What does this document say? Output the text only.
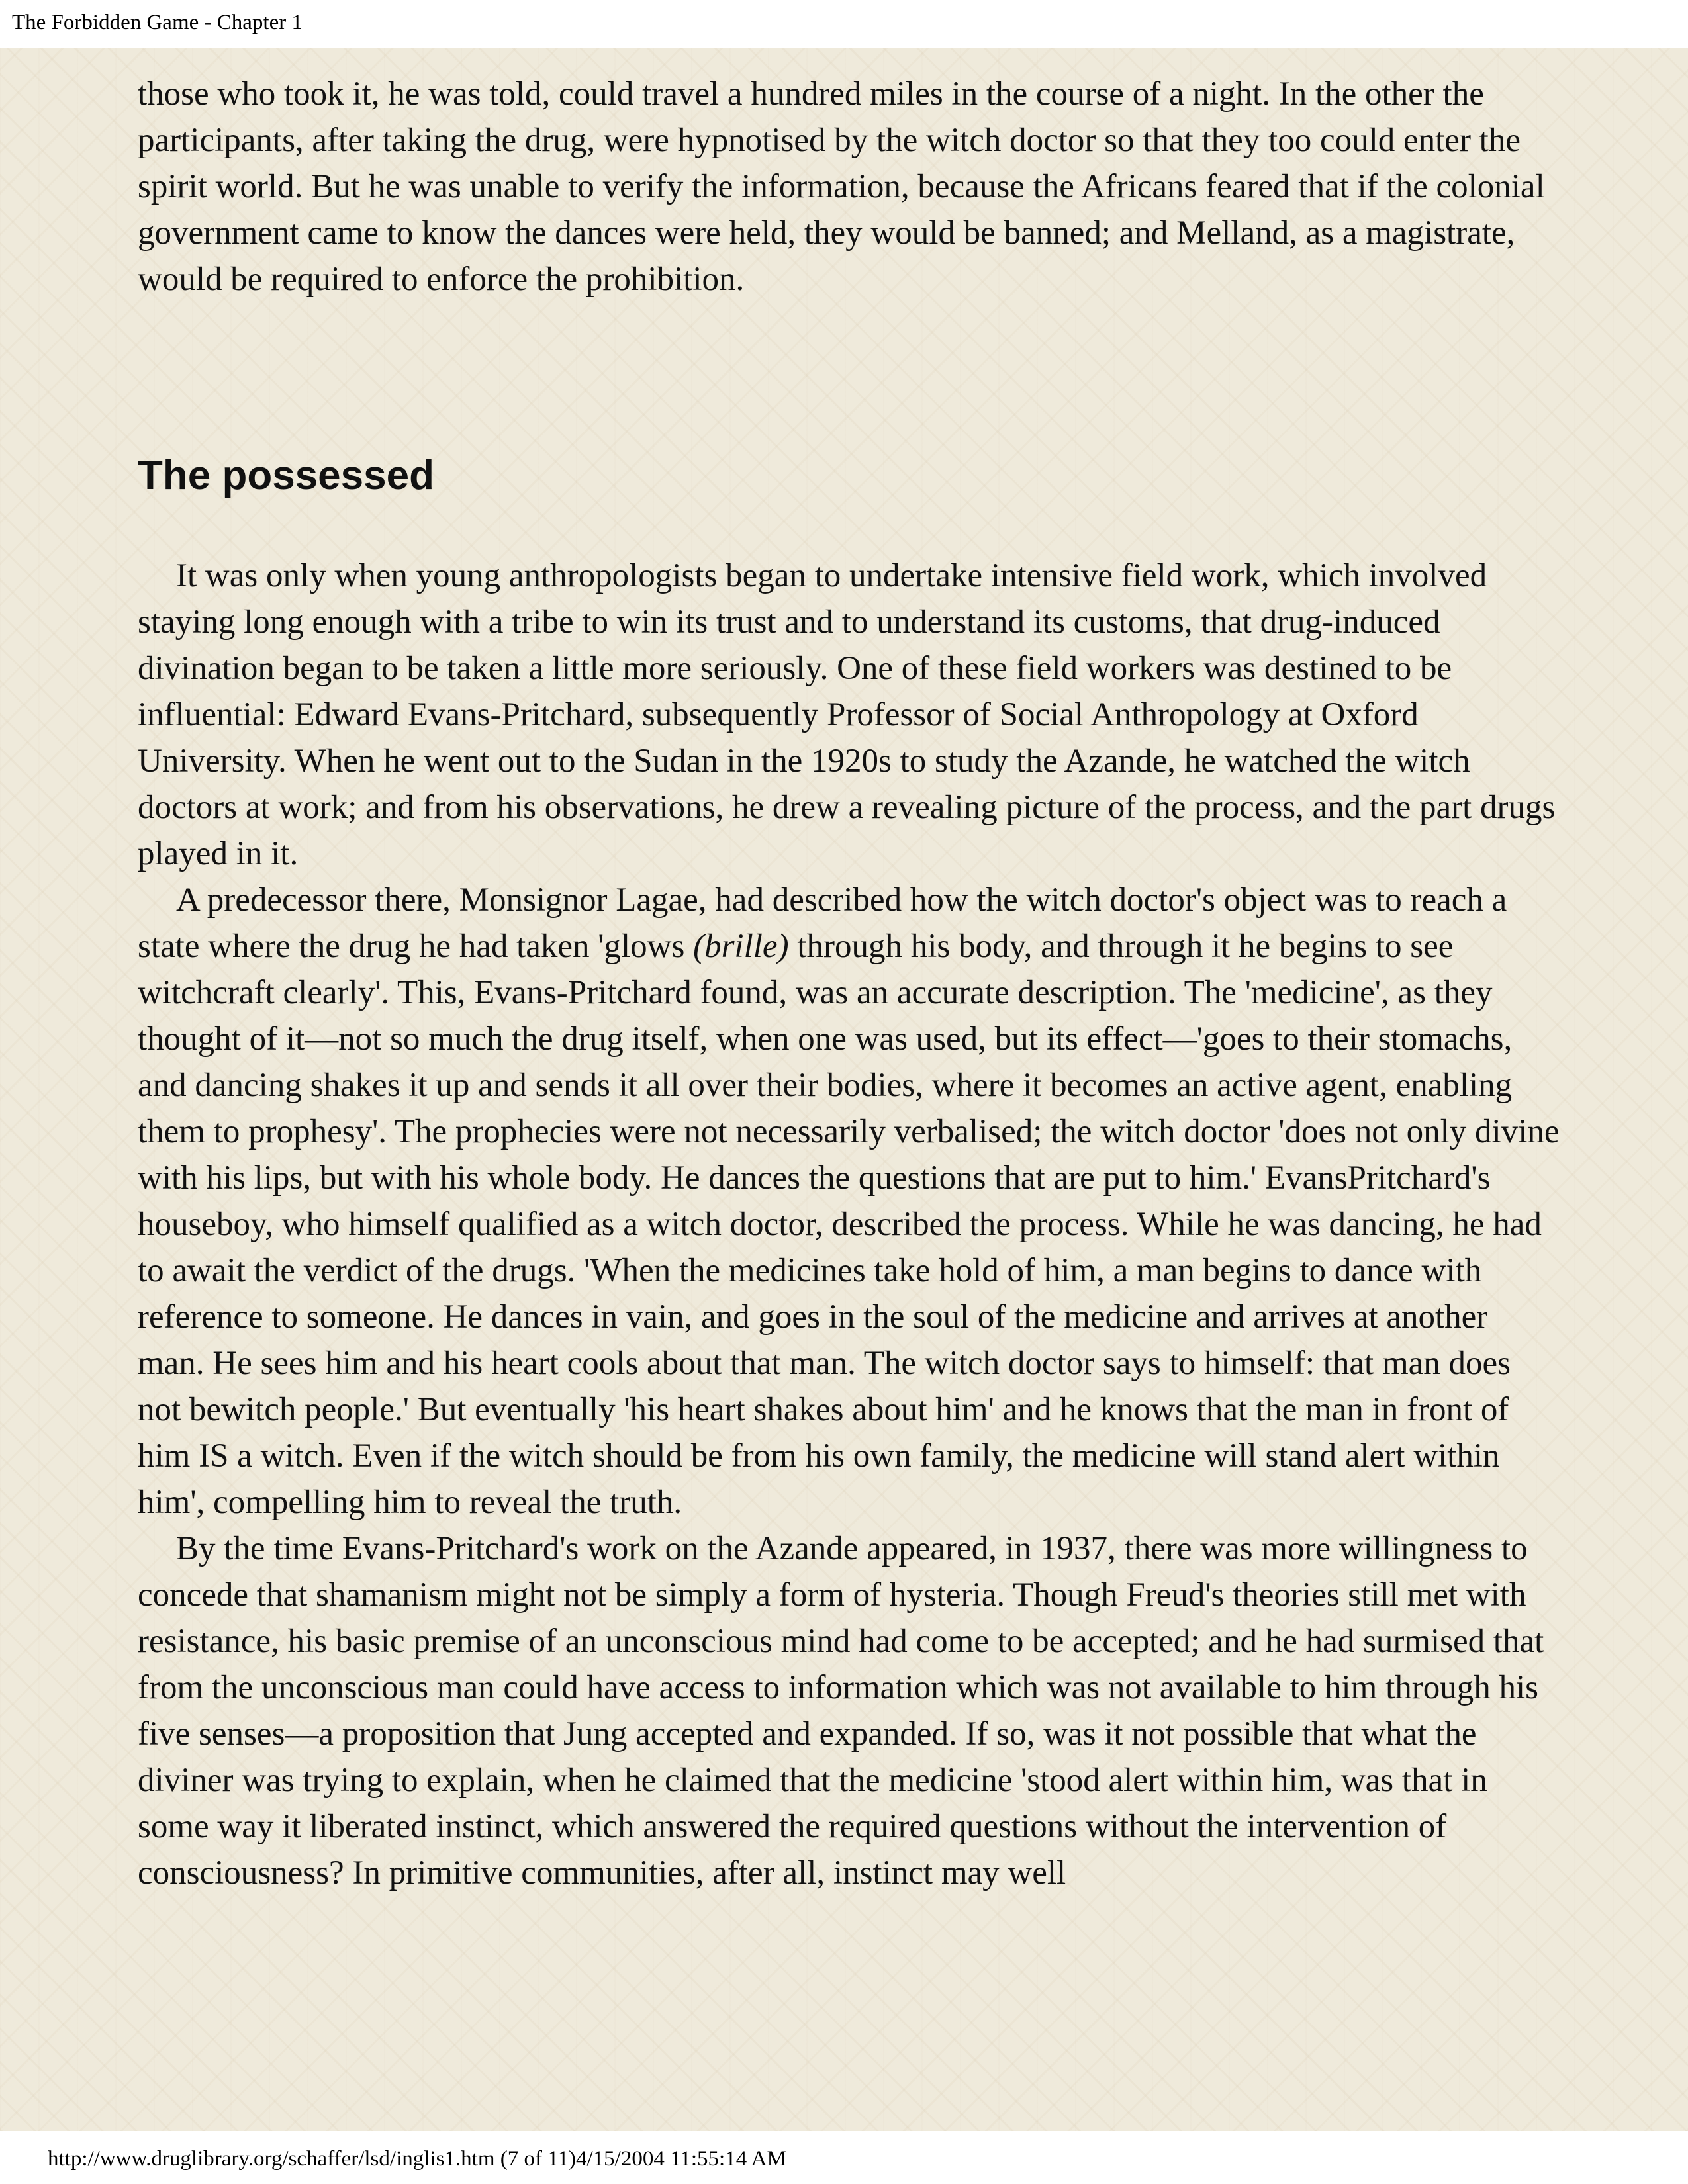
The Forbidden Game - Chapter 1

those who took it, he was told, could travel a hundred miles in the course of a night. In the other the participants, after taking the drug, were hypnotised by the witch doctor so that they too could enter the spirit world. But he was unable to verify the information, because the Africans feared that if the colonial government came to know the dances were held, they would be banned; and Melland, as a magistrate, would be required to enforce the prohibition.

The possessed

It was only when young anthropologists began to undertake intensive field work, which involved staying long enough with a tribe to win its trust and to understand its customs, that drug-induced divination began to be taken a little more seriously. One of these field workers was destined to be influential: Edward Evans-Pritchard, subsequently Professor of Social Anthropology at Oxford University. When he went out to the Sudan in the 1920s to study the Azande, he watched the witch doctors at work; and from his observations, he drew a revealing picture of the process, and the part drugs played in it.

A predecessor there, Monsignor Lagae, had described how the witch doctor's object was to reach a state where the drug he had taken 'glows (brille) through his body, and through it he begins to see witchcraft clearly'. This, Evans-Pritchard found, was an accurate description. The 'medicine', as they thought of it—not so much the drug itself, when one was used, but its effect—'goes to their stomachs, and dancing shakes it up and sends it all over their bodies, where it becomes an active agent, enabling them to prophesy'. The prophecies were not necessarily verbalised; the witch doctor 'does not only divine with his lips, but with his whole body. He dances the questions that are put to him.' EvansPritchard's houseboy, who himself qualified as a witch doctor, described the process. While he was dancing, he had to await the verdict of the drugs. 'When the medicines take hold of him, a man begins to dance with reference to someone. He dances in vain, and goes in the soul of the medicine and arrives at another man. He sees him and his heart cools about that man. The witch doctor says to himself: that man does not bewitch people.' But eventually 'his heart shakes about him' and he knows that the man in front of him IS a witch. Even if the witch should be from his own family, the medicine will stand alert within him', compelling him to reveal the truth.

By the time Evans-Pritchard's work on the Azande appeared, in 1937, there was more willingness to concede that shamanism might not be simply a form of hysteria. Though Freud's theories still met with resistance, his basic premise of an unconscious mind had come to be accepted; and he had surmised that from the unconscious man could have access to information which was not available to him through his five senses—a proposition that Jung accepted and expanded. If so, was it not possible that what the diviner was trying to explain, when he claimed that the medicine 'stood alert within him, was that in some way it liberated instinct, which answered the required questions without the intervention of consciousness? In primitive communities, after all, instinct may well

http://www.druglibrary.org/schaffer/lsd/inglis1.htm (7 of 11)4/15/2004 11:55:14 AM
